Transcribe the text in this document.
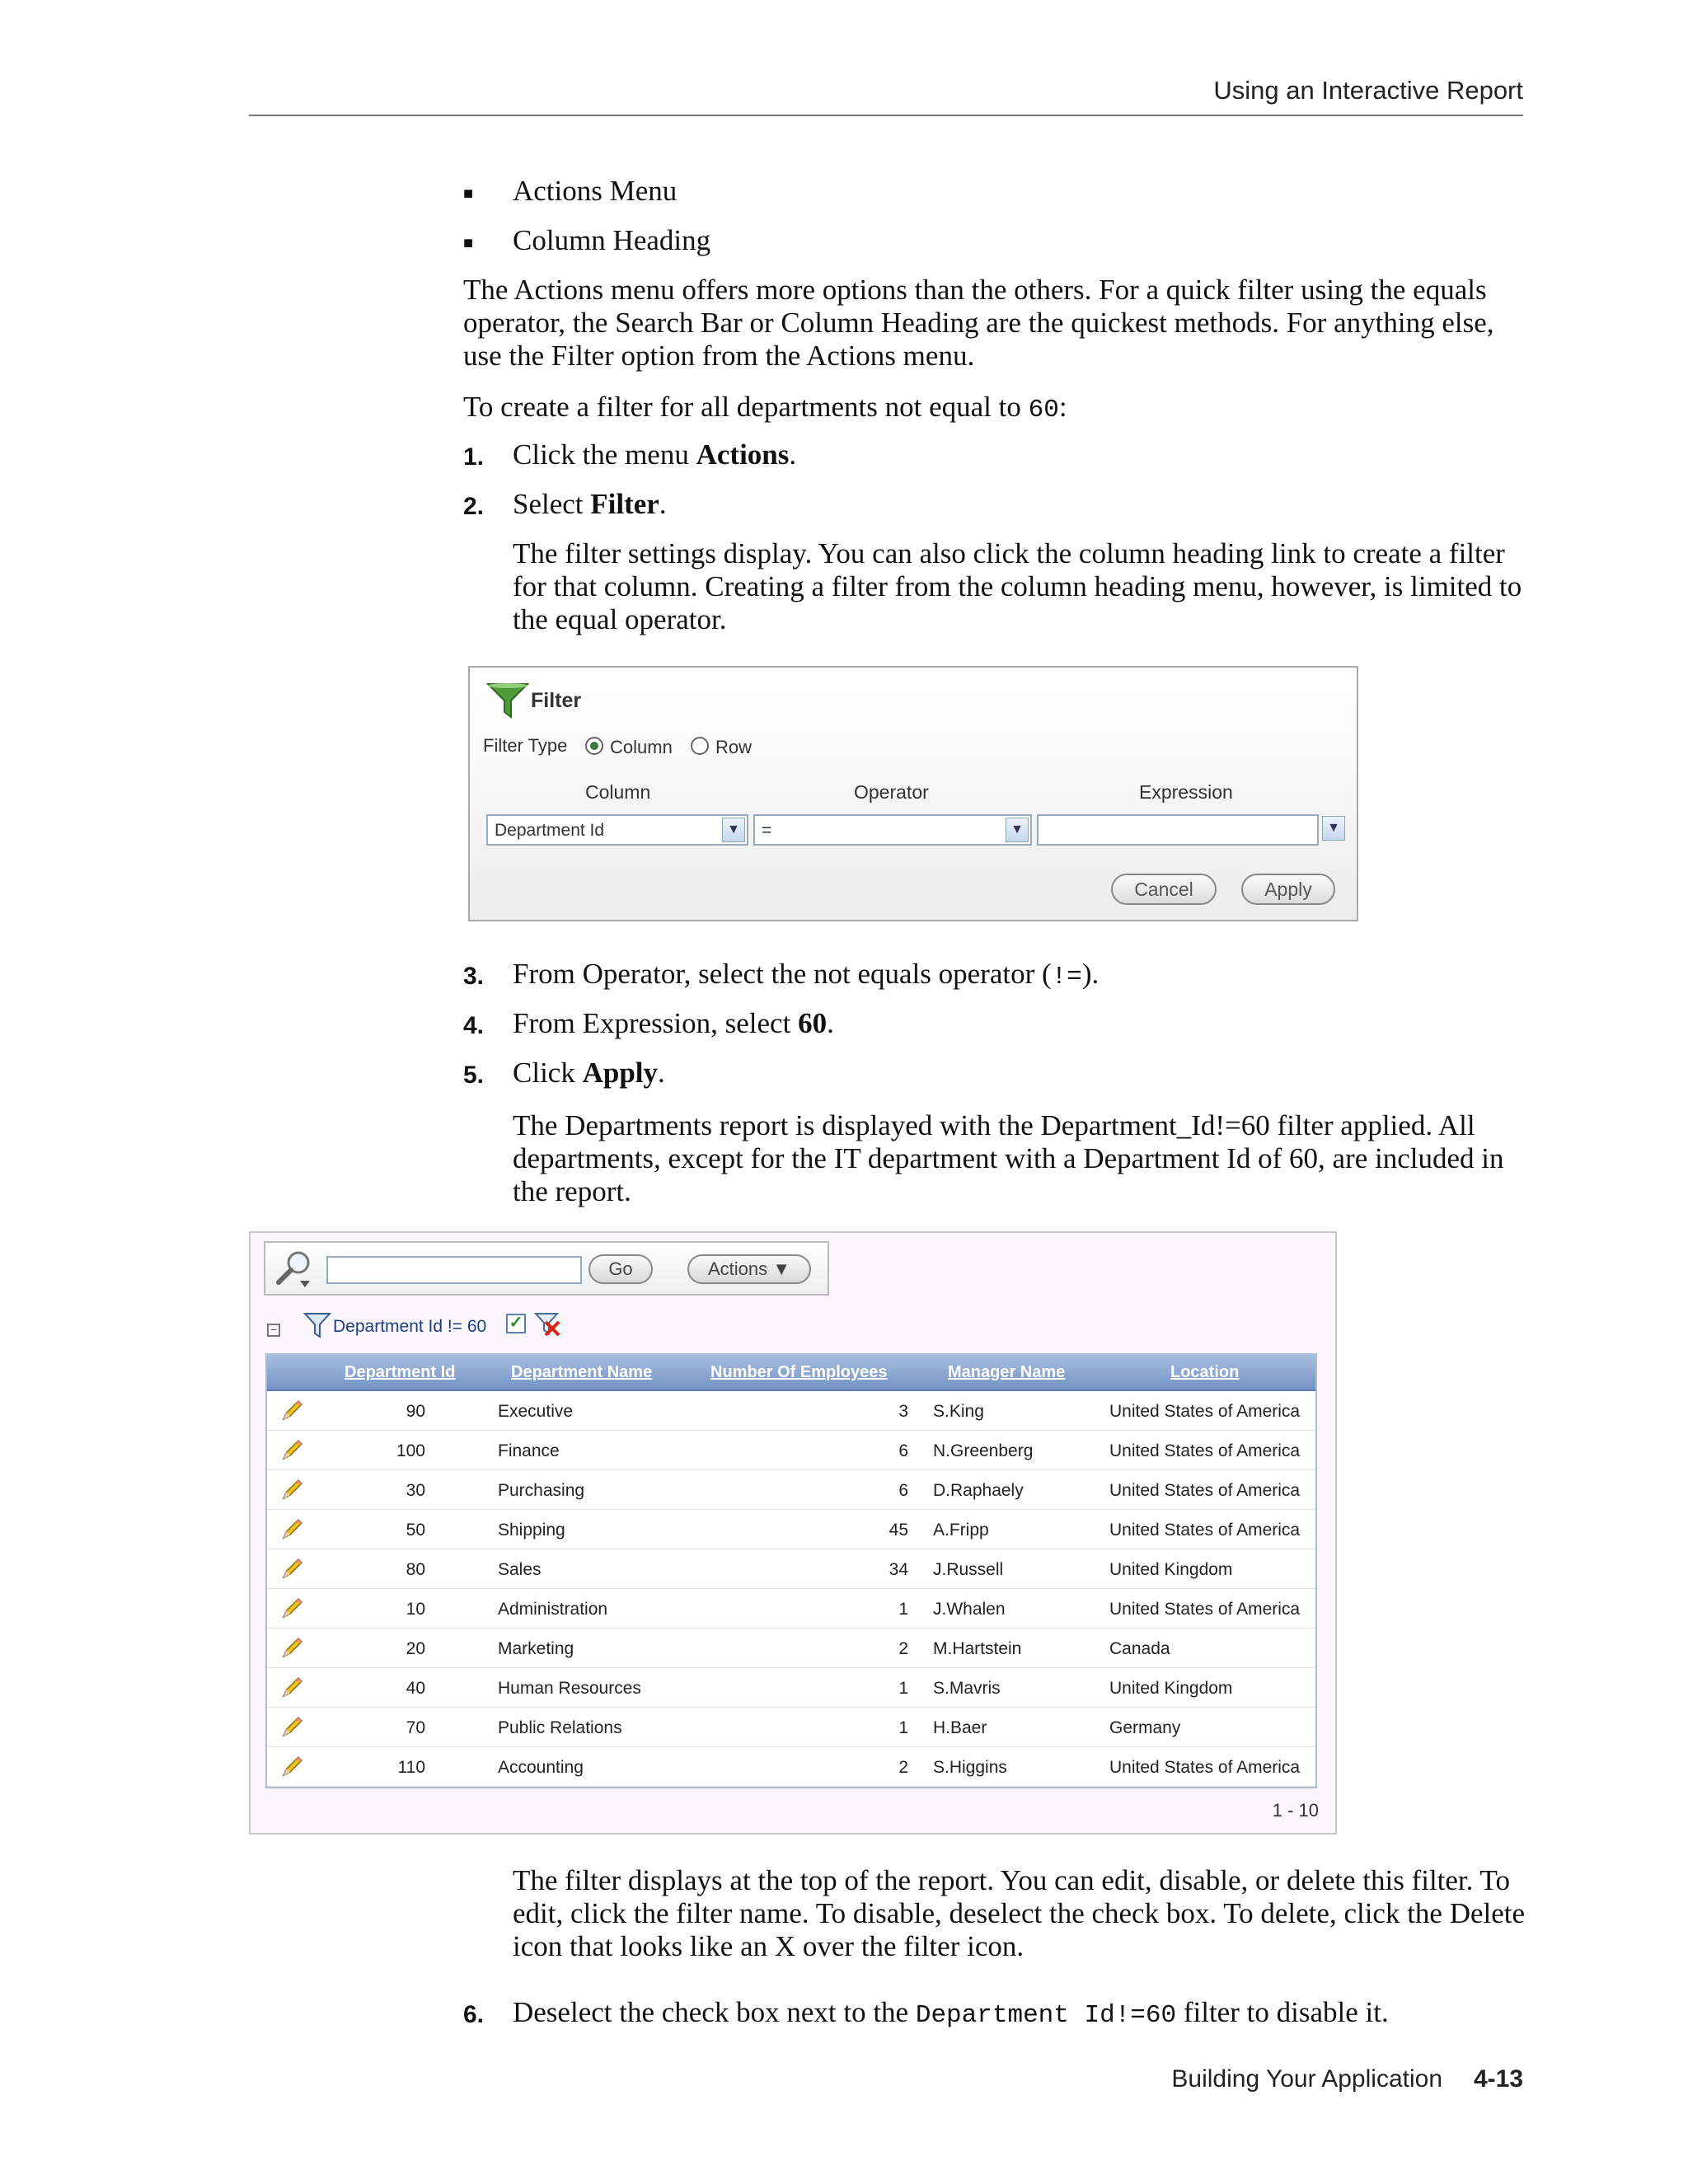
Using an Interactive Report
■ Actions Menu
■ Column Heading
The Actions menu offers more options than the others. For a quick filter using the equals operator, the Search Bar or Column Heading are the quickest methods. For anything else, use the Filter option from the Actions menu.
To create a filter for all departments not equal to 60:
1. Click the menu Actions.
2. Select Filter.
The filter settings display. You can also click the column heading link to create a filter for that column. Creating a filter from the column heading menu, however, is limited to the equal operator.
Filter
Filter Type Column Row
Column	Operator	Expression
Department Id	▼	=	▼	▼
Cancel	Apply
3. From Operator, select the not equals operator (!=).
4. From Expression, select 60.
5. Click Apply.
The Departments report is displayed with the Department_Id!=60 filter applied. All departments, except for the IT department with a Department Id of 60, are included in the report.
Go	Actions ▼
−	Department Id != 60 ✓
Department Id	Department Name	Number Of Employees	Manager Name	Location
90	Executive	3 S.King	United States of America
100	Finance	6 N.Greenberg	United States of America
30	Purchasing	6 D.Raphaely	United States of America
50	Shipping	45 A.Fripp	United States of America
80	Sales	34 J.Russell	United Kingdom
10	Administration	1 J.Whalen	United States of America
20	Marketing	2 M.Hartstein	Canada
40	Human Resources	1 S.Mavris	United Kingdom
70	Public Relations	1 H.Baer	Germany
110	Accounting	2 S.Higgins	United States of America
1 - 10
The filter displays at the top of the report. You can edit, disable, or delete this filter. To edit, click the filter name. To disable, deselect the check box. To delete, click the Delete icon that looks like an X over the filter icon.
6. Deselect the check box next to the Department Id!=60 filter to disable it.
Building Your Application 4-13
